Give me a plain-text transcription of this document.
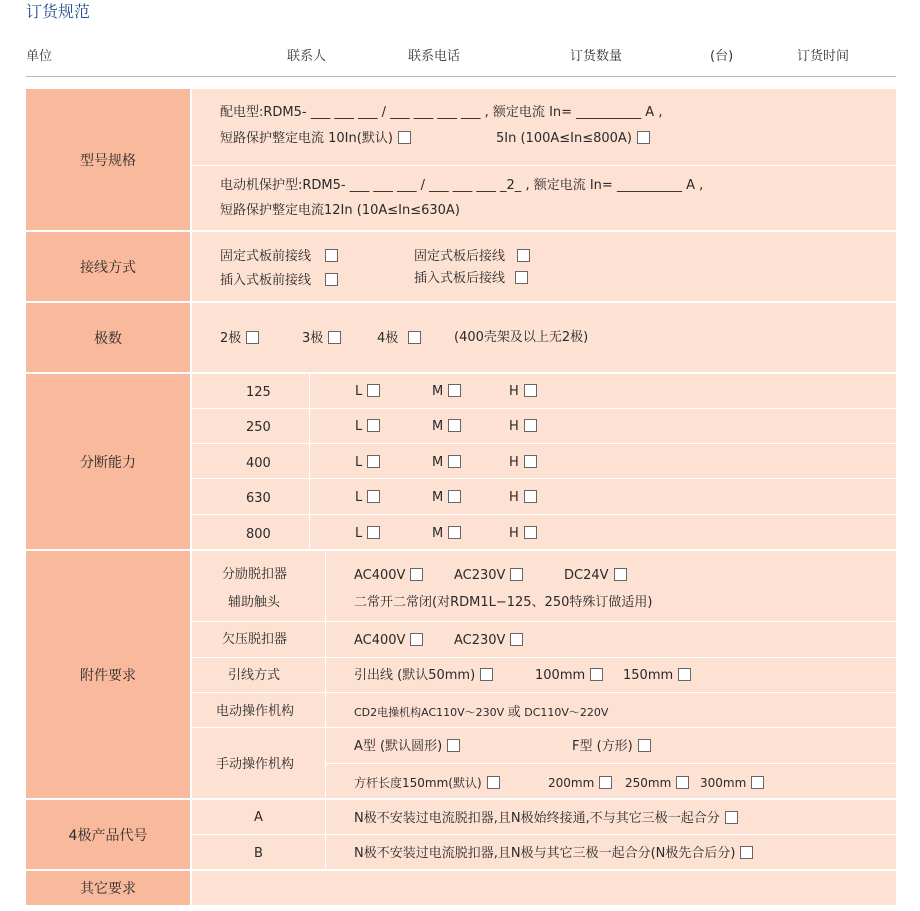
订货规范
单位	联系人	联系电话	订货数量	(台)	订货时间
型号规格
配电型:RDM5- ___ ___ ___ / ___ ___ ___ ___ , 额定电流 In= __________ A ,
短路保护整定电流 10In(默认)	5In (100A≤In≤800A)
电动机保护型:RDM5- ___ ___ ___ / ___ ___ ___ _2_ , 额定电流 In= __________ A ,
短路保护整定电流12In (10A≤In≤630A)
接线方式
固定式板前接线	固定式板后接线
插入式板前接线	插入式板后接线
极数	2极	3极	4极	(400壳架及以上无2极)
分断能力
125	L	M	H
250	L	M	H
400	L	M	H
630	L	M	H
800	L	M	H
附件要求
分励脱扣器	AC400V	AC230V	DC24V
辅助触头	二常开二常闭(对RDM1L−125、250特殊订做适用)
欠压脱扣器	AC400V	AC230V
引线方式	引出线 (默认50mm)	100mm	150mm
电动操作机构	CD2电操机构AC110V～230V 或 DC110V～220V
手动操作机构
A型 (默认圆形)	F型 (方形)
方杆长度150mm(默认)	200mm	250mm	300mm
4极产品代号
A	N极不安装过电流脱扣器,且N极始终接通,不与其它三极一起合分
B	N极不安装过电流脱扣器,且N极与其它三极一起合分(N极先合后分)
其它要求
